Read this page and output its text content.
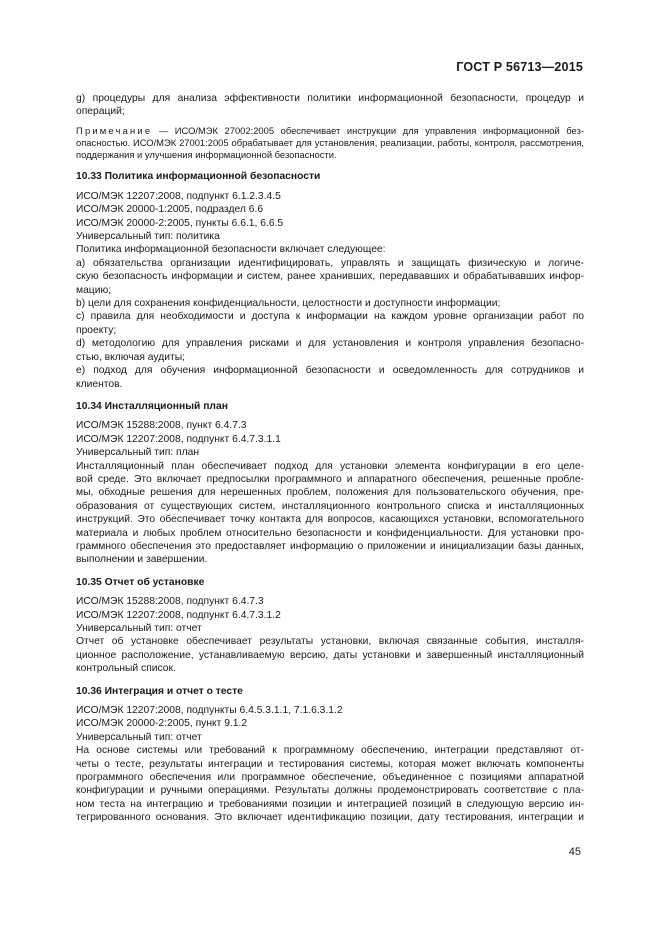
ГОСТ Р 56713—2015
g) процедуры для анализа эффективности политики информационной безопасности, процедур и
операций;
Примечание — ИСО/МЭК 27002:2005 обеспечивает инструкции для управления информационной без-
опасностью. ИСО/МЭК 27001:2005 обрабатывает для установления, реализации, работы, контроля, рассмотрения,
поддержания и улучшения информационной безопасности.
10.33 Политика информационной безопасности
ИСО/МЭК 12207:2008, подпункт 6.1.2.3.4.5
ИСО/МЭК 20000-1:2005, подраздел 6.6
ИСО/МЭК 20000-2:2005, пункты 6.6.1, 6.6.5
Универсальный тип: политика
Политика информационной безопасности включает следующее:
а) обязательства организации идентифицировать, управлять и защищать физическую и логиче-
скую безопасность информации и систем, ранее хранивших, передававших и обрабатывавших инфор-
мацию;
b) цели для сохранения конфиденциальности, целостности и доступности информации;
c) правила для необходимости и доступа к информации на каждом уровне организации работ по
проекту;
d) методологию для управления рисками и для установления и контроля управления безопасно-
стью, включая аудиты;
e) подход для обучения информационной безопасности и осведомленность для сотрудников и
клиентов.
10.34 Инсталляционный план
ИСО/МЭК 15288:2008, пункт 6.4.7.3
ИСО/МЭК 12207:2008, подпункт 6.4.7.3.1.1
Универсальный тип: план
Инсталляционный план обеспечивает подход для установки элемента конфигурации в его целе-
вой среде. Это включает предпосылки программного и аппаратного обеспечения, решенные пробле-
мы, обходные решения для нерешенных проблем, положения для пользовательского обучения, пре-
образования от существующих систем, инсталляционного контрольного списка и инсталляционных
инструкций. Это обеспечивает точку контакта для вопросов, касающихся установки, вспомогательного
материала и любых проблем относительно безопасности и конфиденциальности. Для установки про-
граммного обеспечения это предоставляет информацию о приложении и инициализации базы данных,
выполнении и завершении.
10.35 Отчет об установке
ИСО/МЭК 15288:2008, подпункт 6.4.7.3
ИСО/МЭК 12207:2008, подпункт 6.4.7.3.1.2
Универсальный тип: отчет
Отчет об установке обеспечивает результаты установки, включая связанные события, инсталля-
ционное расположение, устанавливаемую версию, даты установки и завершенный инсталляционный
контрольный список.
10.36 Интеграция и отчет о тесте
ИСО/МЭК 12207:2008, подпункты 6.4.5.3.1.1, 7.1.6.3.1.2
ИСО/МЭК 20000-2:2005, пункт 9.1.2
Универсальный тип: отчет
На основе системы или требований к программному обеспечению, интеграции представляют от-
четы о тесте, результаты интеграции и тестирования системы, которая может включать компоненты
программного обеспечения или программное обеспечение, объединенное с позициями аппаратной
конфигурации и ручными операциями. Результаты должны продемонстрировать соответствие с пла-
ном теста на интеграцию и требованиями позиции и интеграцией позиций в следующую версию ин-
тегрированного основания. Это включает идентификацию позиции, дату тестирования, интеграции и
45
